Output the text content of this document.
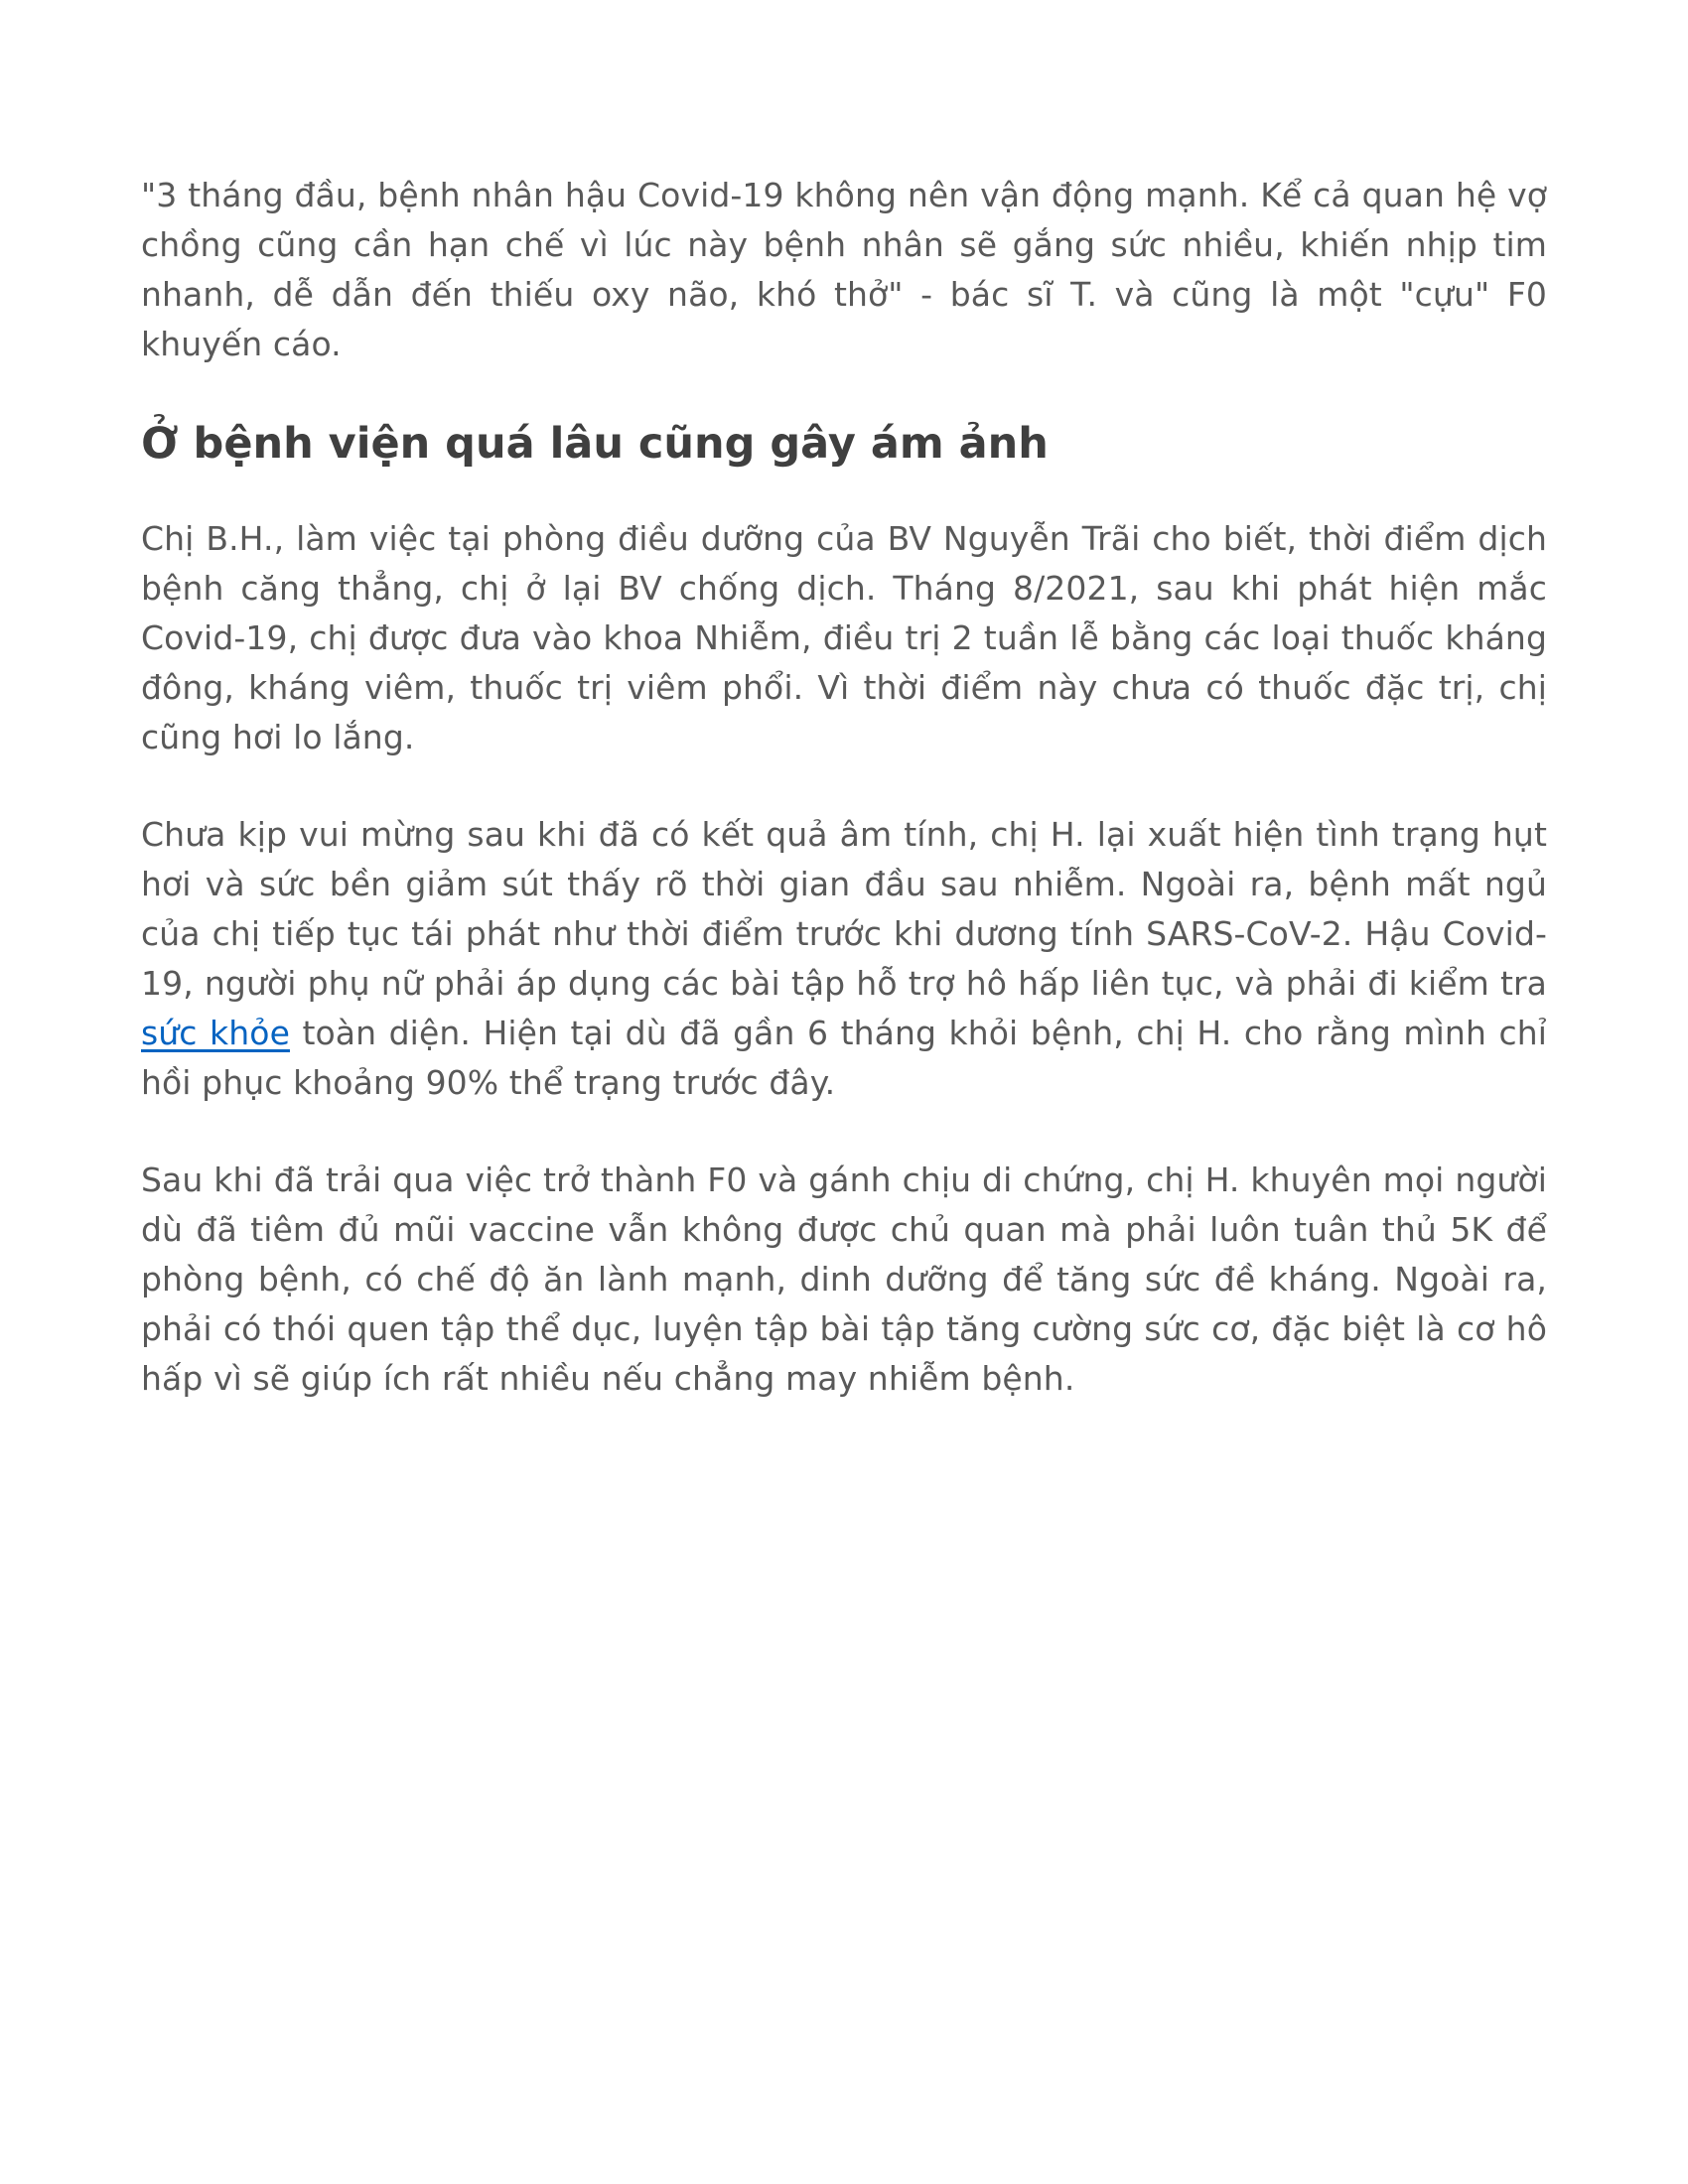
"3 tháng đầu, bệnh nhân hậu Covid-19 không nên vận động mạnh. Kể cả quan hệ vợ chồng cũng cần hạn chế vì lúc này bệnh nhân sẽ gắng sức nhiều, khiến nhịp tim nhanh, dễ dẫn đến thiếu oxy não, khó thở" - bác sĩ T. và cũng là một "cựu" F0 khuyến cáo.

Ở bệnh viện quá lâu cũng gây ám ảnh

Chị B.H., làm việc tại phòng điều dưỡng của BV Nguyễn Trãi cho biết, thời điểm dịch bệnh căng thẳng, chị ở lại BV chống dịch. Tháng 8/2021, sau khi phát hiện mắc Covid-19, chị được đưa vào khoa Nhiễm, điều trị 2 tuần lễ bằng các loại thuốc kháng đông, kháng viêm, thuốc trị viêm phổi. Vì thời điểm này chưa có thuốc đặc trị, chị cũng hơi lo lắng.

Chưa kịp vui mừng sau khi đã có kết quả âm tính, chị H. lại xuất hiện tình trạng hụt hơi và sức bền giảm sút thấy rõ thời gian đầu sau nhiễm. Ngoài ra, bệnh mất ngủ của chị tiếp tục tái phát như thời điểm trước khi dương tính SARS-CoV-2. Hậu Covid-19, người phụ nữ phải áp dụng các bài tập hỗ trợ hô hấp liên tục, và phải đi kiểm tra sức khỏe toàn diện. Hiện tại dù đã gần 6 tháng khỏi bệnh, chị H. cho rằng mình chỉ hồi phục khoảng 90% thể trạng trước đây.

Sau khi đã trải qua việc trở thành F0 và gánh chịu di chứng, chị H. khuyên mọi người dù đã tiêm đủ mũi vaccine vẫn không được chủ quan mà phải luôn tuân thủ 5K để phòng bệnh, có chế độ ăn lành mạnh, dinh dưỡng để tăng sức đề kháng. Ngoài ra, phải có thói quen tập thể dục, luyện tập bài tập tăng cường sức cơ, đặc biệt là cơ hô hấp vì sẽ giúp ích rất nhiều nếu chẳng may nhiễm bệnh.
